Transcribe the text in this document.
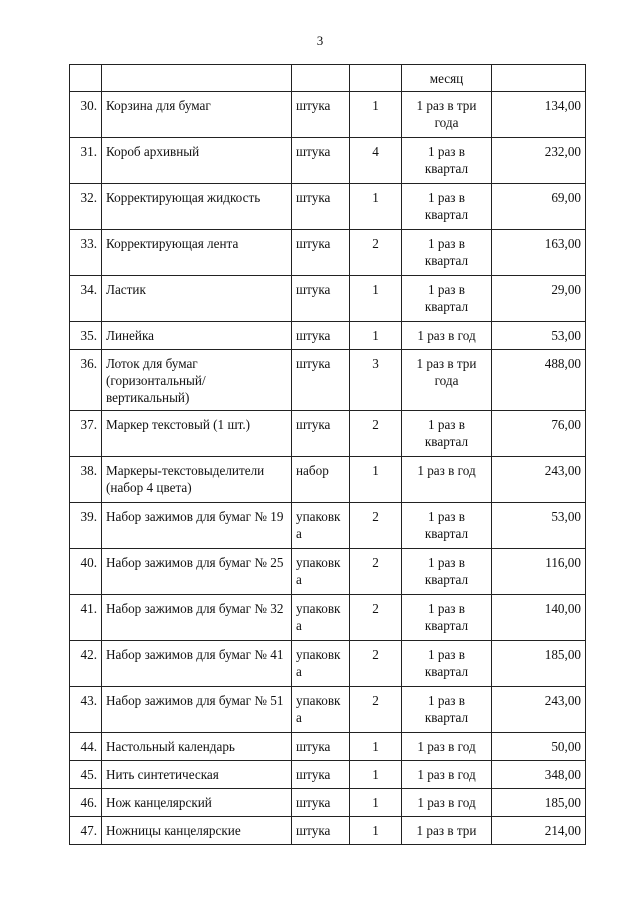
3
				месяц	
30.	Корзина для бумаг	штука	1	1 раз в три года	134,00
31.	Короб архивный	штука	4	1 раз в квартал	232,00
32.	Корректирующая жидкость	штука	1	1 раз в квартал	69,00
33.	Корректирующая лента	штука	2	1 раз в квартал	163,00
34.	Ластик	штука	1	1 раз в квартал	29,00
35.	Линейка	штука	1	1 раз в год	53,00
36.	Лоток для бумаг (горизонтальный/вертикальный)	штука	3	1 раз в три года	488,00
37.	Маркер текстовый (1 шт.)	штука	2	1 раз в квартал	76,00
38.	Маркеры-текстовыделители (набор 4 цвета)	набор	1	1 раз в год	243,00
39.	Набор зажимов для бумаг № 19	упаковка	2	1 раз в квартал	53,00
40.	Набор зажимов для бумаг № 25	упаковка	2	1 раз в квартал	116,00
41.	Набор зажимов для бумаг № 32	упаковка	2	1 раз в квартал	140,00
42.	Набор зажимов для бумаг № 41	упаковка	2	1 раз в квартал	185,00
43.	Набор зажимов для бумаг № 51	упаковка	2	1 раз в квартал	243,00
44.	Настольный календарь	штука	1	1 раз в год	50,00
45.	Нить синтетическая	штука	1	1 раз в год	348,00
46.	Нож канцелярский	штука	1	1 раз в год	185,00
47.	Ножницы канцелярские	штука	1	1 раз в три	214,00
